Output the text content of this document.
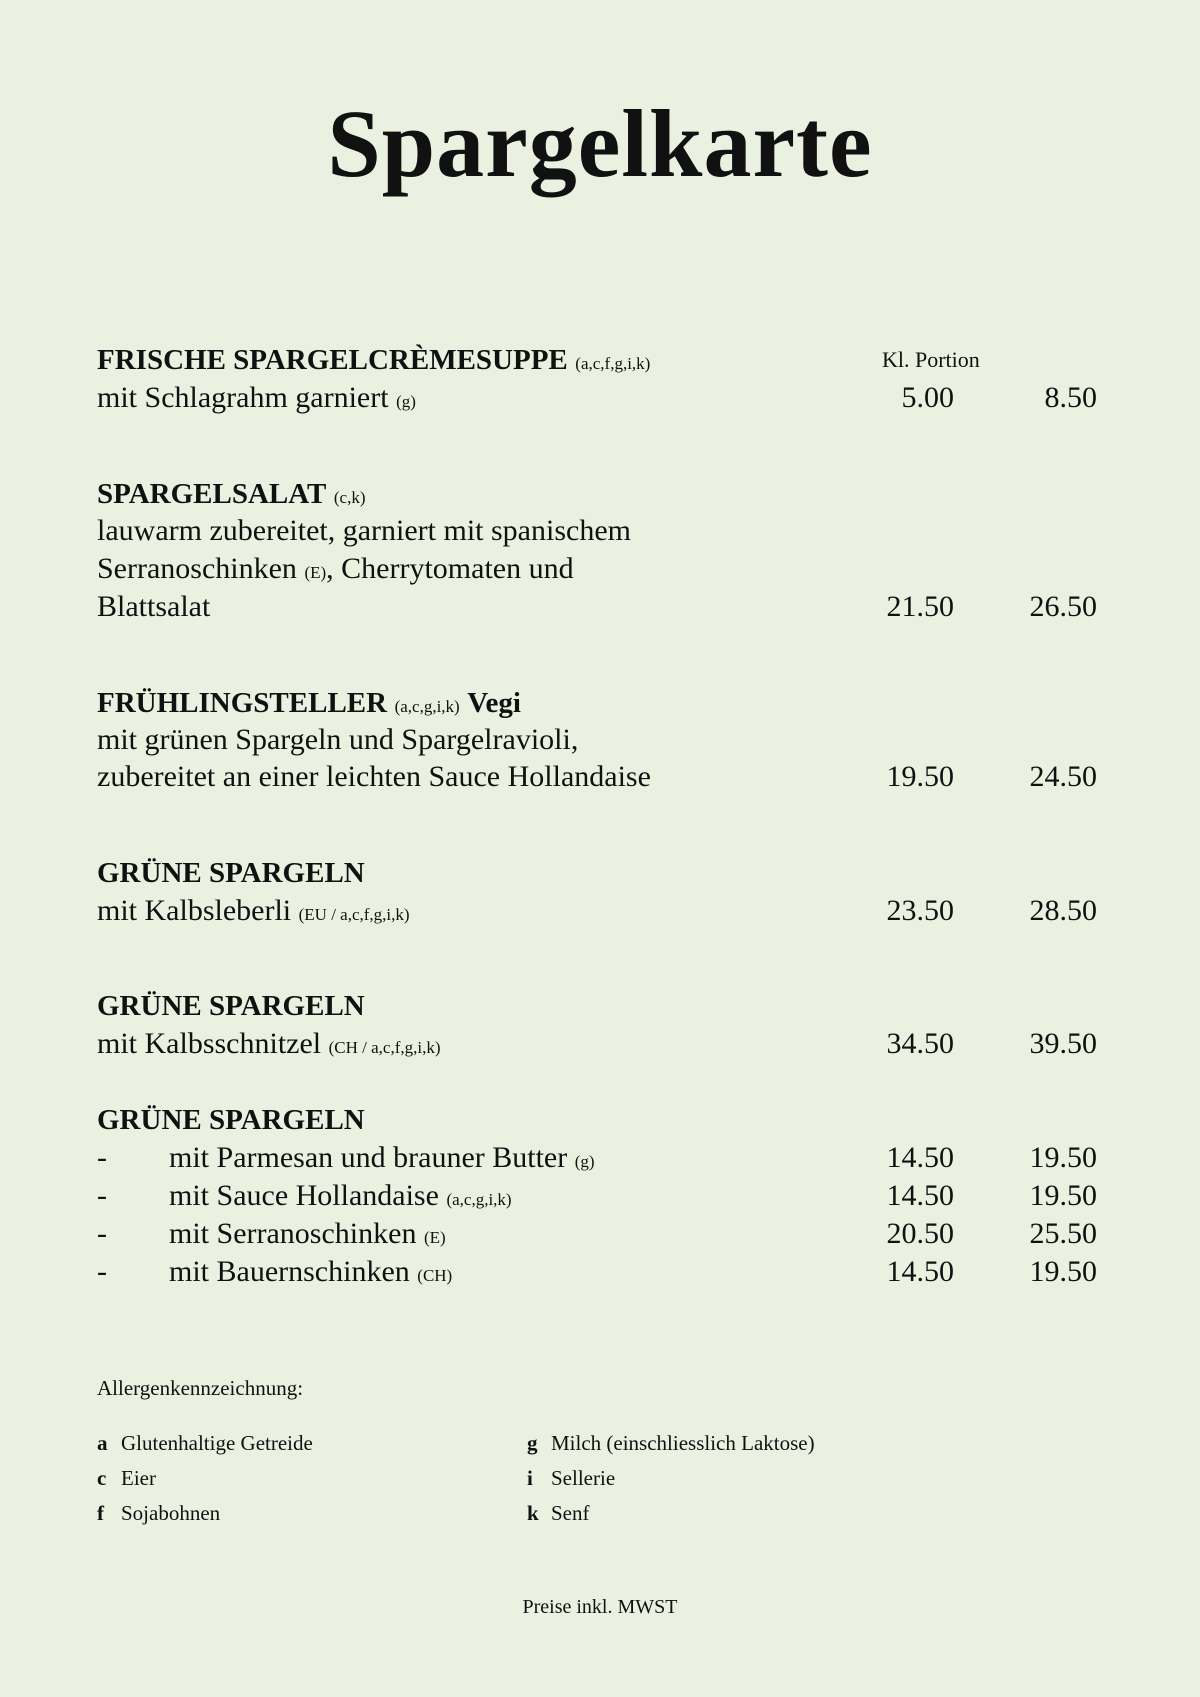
Spargelkarte
FRISCHE SPARGELCRÈMESUPPE (a,c,f,g,i,k)	Kl. Portion
mit Schlagrahm garniert (g)	5.00	8.50
SPARGELSALAT (c,k)
lauwarm zubereitet, garniert mit spanischem
Serranoschinken (E), Cherrytomaten und
Blattsalat	21.50	26.50
FRÜHLINGSTELLER (a,c,g,i,k) Vegi
mit grünen Spargeln und Spargelravioli,
zubereitet an einer leichten Sauce Hollandaise	19.50	24.50
GRÜNE SPARGELN
mit Kalbsleberli (EU / a,c,f,g,i,k)	23.50	28.50
GRÜNE SPARGELN
mit Kalbsschnitzel (CH / a,c,f,g,i,k)	34.50	39.50
GRÜNE SPARGELN
- mit Parmesan und brauner Butter (g)	14.50	19.50
- mit Sauce Hollandaise (a,c,g,i,k)	14.50	19.50
- mit Serranoschinken (E)	20.50	25.50
- mit Bauernschinken (CH)	14.50	19.50
Allergenkennzeichnung:
a Glutenhaltige Getreide
c Eier
f Sojabohnen
g Milch (einschliesslich Laktose)
i Sellerie
k Senf
Preise inkl. MWST
